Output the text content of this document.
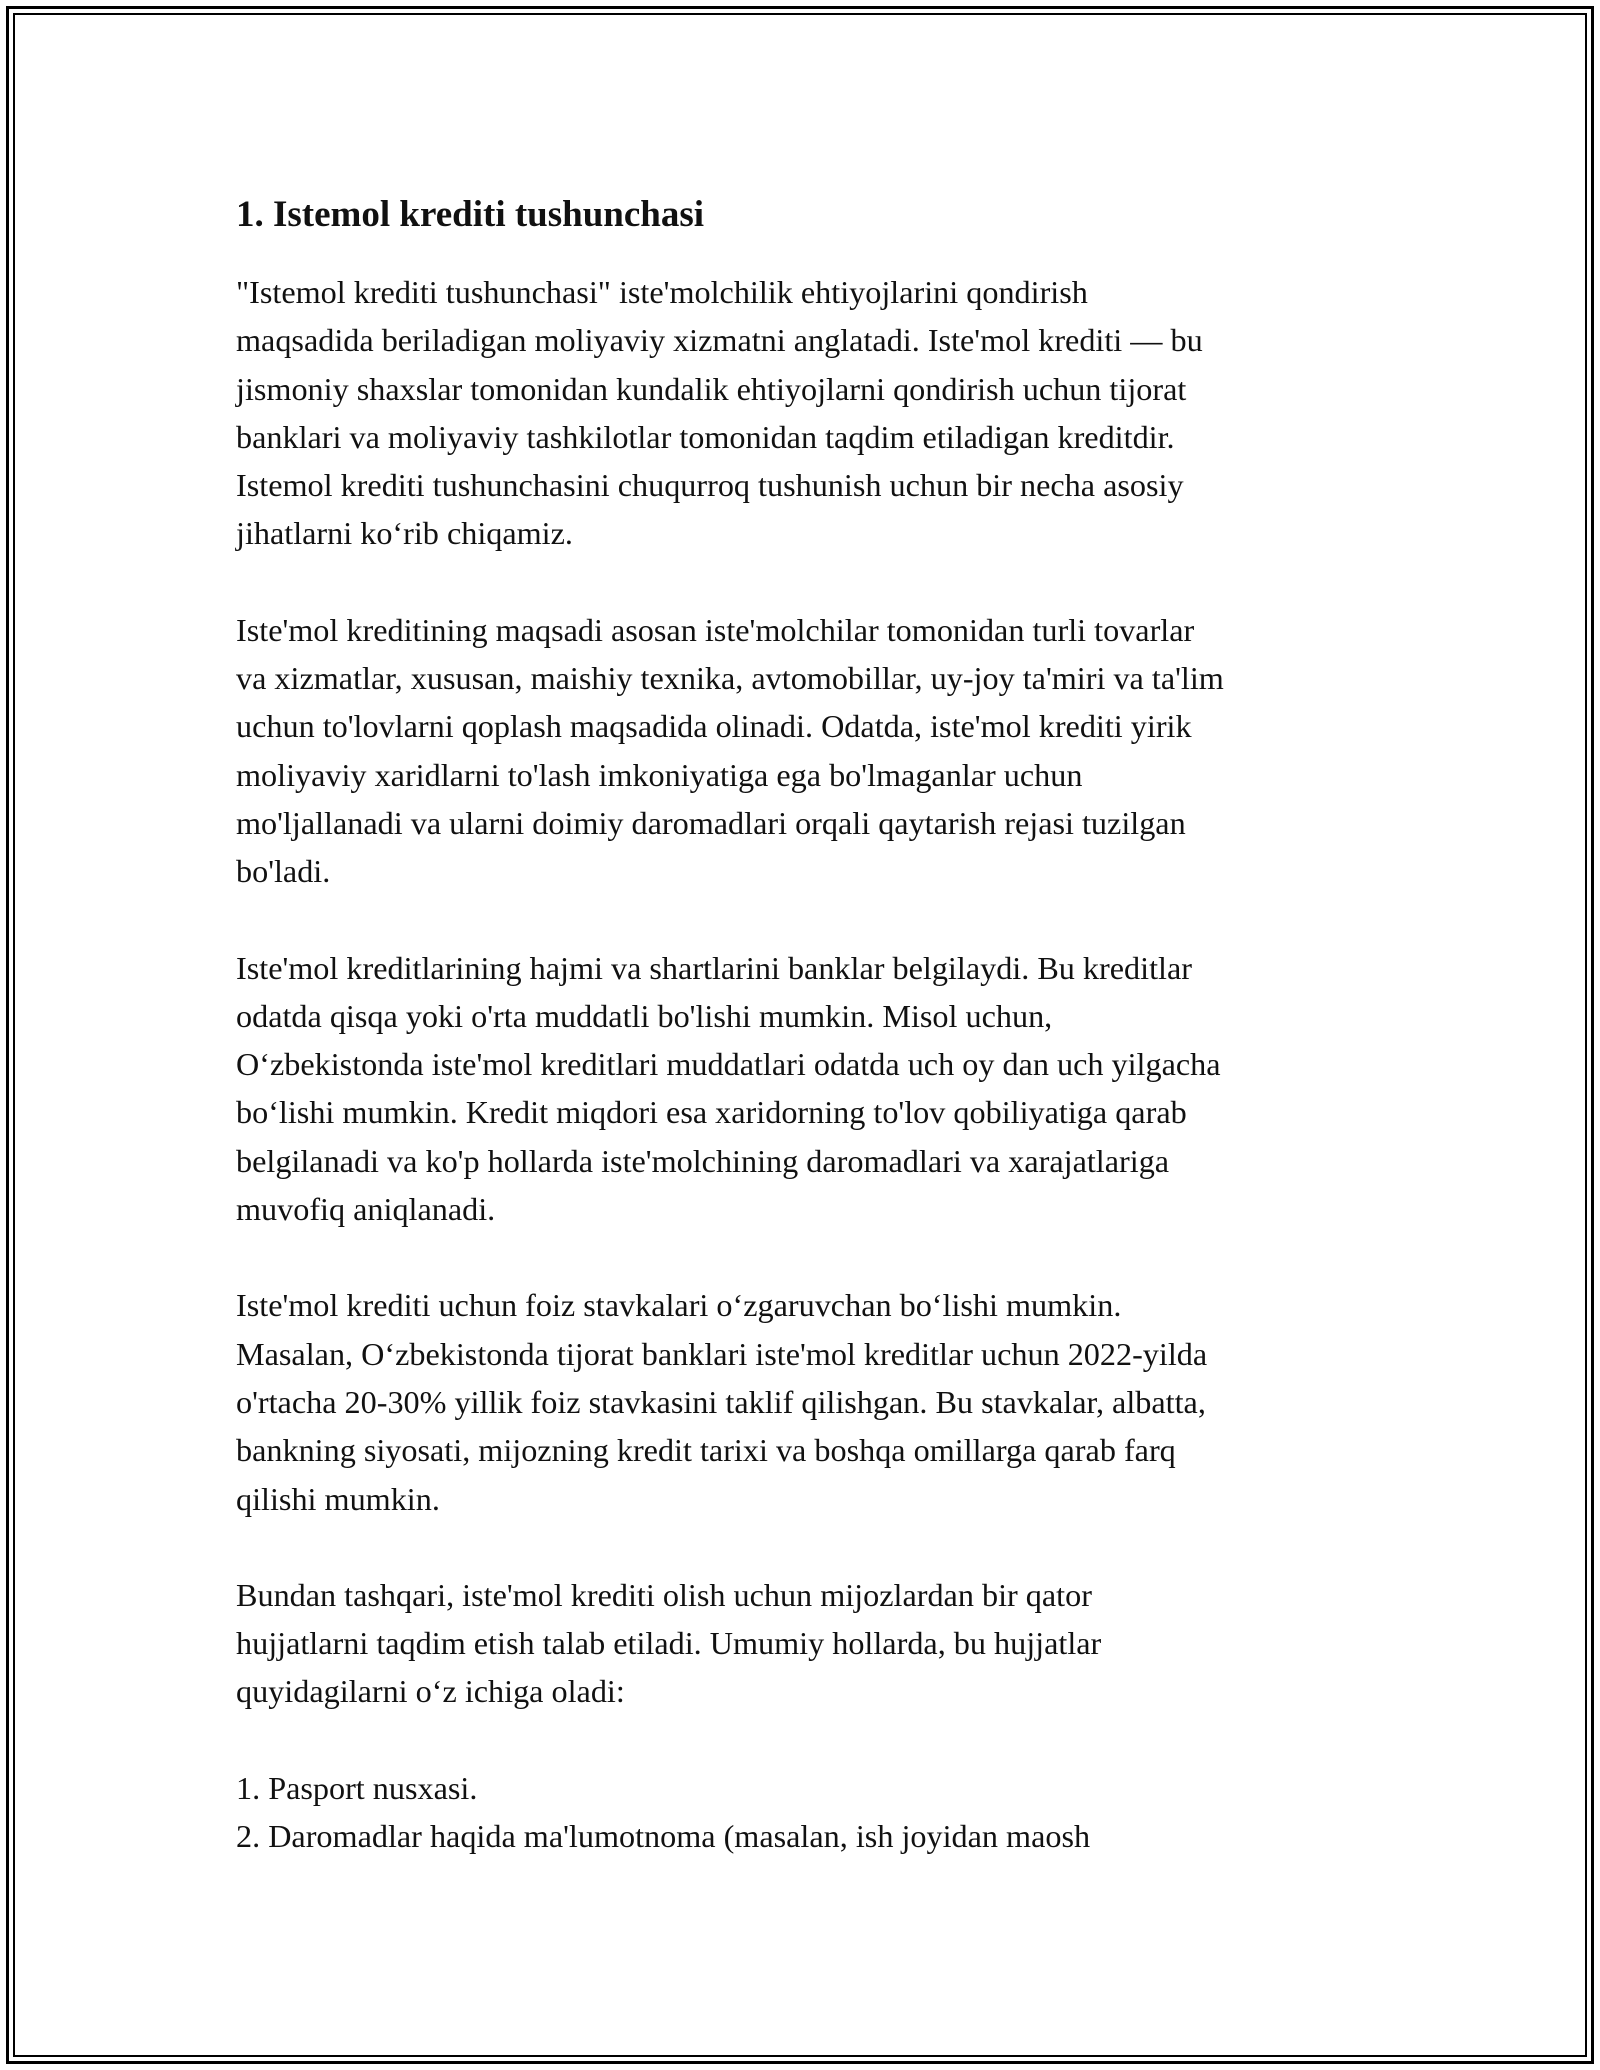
1. Istemol krediti tushunchasi

"Istemol krediti tushunchasi" iste'molchilik ehtiyojlarini qondirish
maqsadida beriladigan moliyaviy xizmatni anglatadi. Iste'mol krediti — bu
jismoniy shaxslar tomonidan kundalik ehtiyojlarni qondirish uchun tijorat
banklari va moliyaviy tashkilotlar tomonidan taqdim etiladigan kreditdir.
Istemol krediti tushunchasini chuqurroq tushunish uchun bir necha asosiy
jihatlarni koʻrib chiqamiz.

Iste'mol kreditining maqsadi asosan iste'molchilar tomonidan turli tovarlar
va xizmatlar, xususan, maishiy texnika, avtomobillar, uy-joy ta'miri va ta'lim
uchun to'lovlarni qoplash maqsadida olinadi. Odatda, iste'mol krediti yirik
moliyaviy xaridlarni to'lash imkoniyatiga ega bo'lmaganlar uchun
mo'ljallanadi va ularni doimiy daromadlari orqali qaytarish rejasi tuzilgan
bo'ladi.

Iste'mol kreditlarining hajmi va shartlarini banklar belgilaydi. Bu kreditlar
odatda qisqa yoki o'rta muddatli bo'lishi mumkin. Misol uchun,
Oʻzbekistonda iste'mol kreditlari muddatlari odatda uch oy dan uch yilgacha
boʻlishi mumkin. Kredit miqdori esa xaridorning to'lov qobiliyatiga qarab
belgilanadi va ko'p hollarda iste'molchining daromadlari va xarajatlariga
muvofiq aniqlanadi.

Iste'mol krediti uchun foiz stavkalari oʻzgaruvchan boʻlishi mumkin.
Masalan, Oʻzbekistonda tijorat banklari iste'mol kreditlar uchun 2022-yilda
o'rtacha 20-30% yillik foiz stavkasini taklif qilishgan. Bu stavkalar, albatta,
bankning siyosati, mijozning kredit tarixi va boshqa omillarga qarab farq
qilishi mumkin.

Bundan tashqari, iste'mol krediti olish uchun mijozlardan bir qator
hujjatlarni taqdim etish talab etiladi. Umumiy hollarda, bu hujjatlar
quyidagilarni oʻz ichiga oladi:

1. Pasport nusxasi.
2. Daromadlar haqida ma'lumotnoma (masalan, ish joyidan maosh
